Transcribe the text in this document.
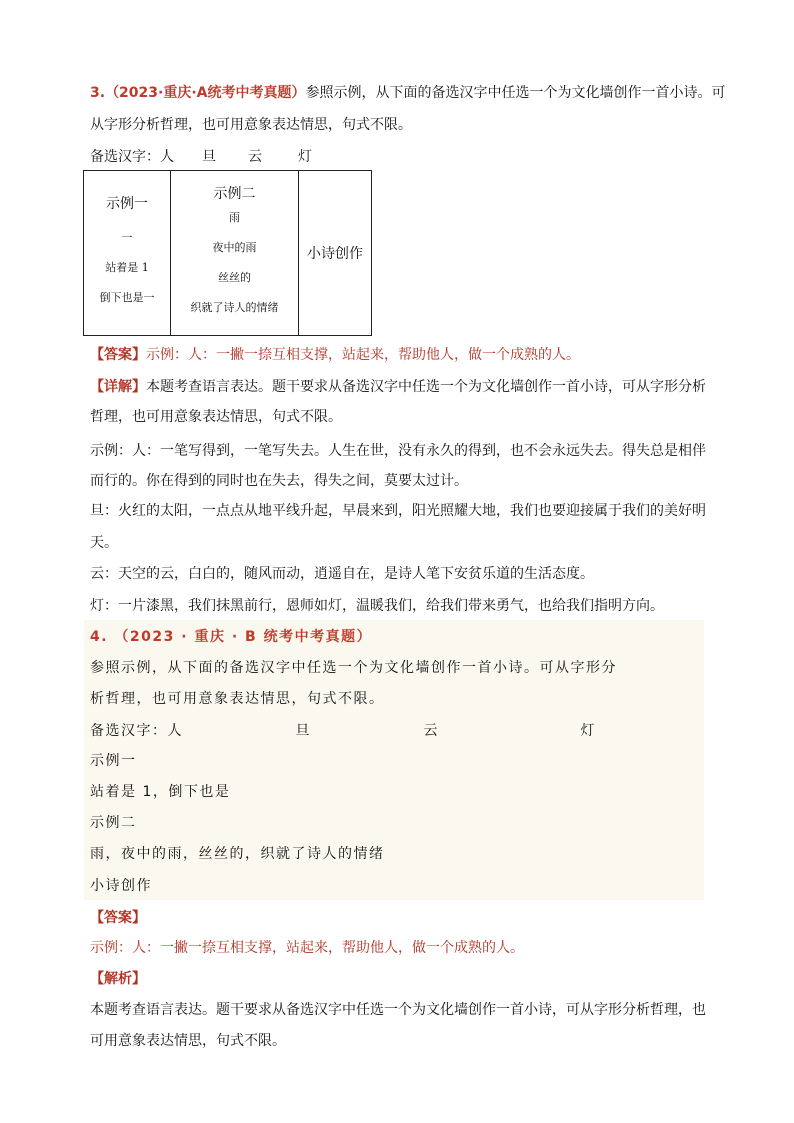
3.（2023·重庆·A统考中考真题）参照示例，从下面的备选汉字中任选一个为文化墙创作一首小诗。可
从字形分析哲理，也可用意象表达情思，句式不限。
备选汉字：人 旦 云	灯
示例一
一
站着是 1
倒下也是一

示例二
雨
夜中的雨
丝丝的
织就了诗人的情绪
	小诗创作
【答案】示例：人：一撇一捺互相支撑，站起来，帮助他人，做一个成熟的人。
【详解】本题考查语言表达。题干要求从备选汉字中任选一个为文化墙创作一首小诗，可从字形分析
哲理，也可用意象表达情思，句式不限。
示例：人：一笔写得到，一笔写失去。人生在世，没有永久的得到，也不会永远失去。得失总是相伴
而行的。你在得到的同时也在失去，得失之间，莫要太过计。
旦：火红的太阳，一点点从地平线升起，早晨来到，阳光照耀大地，我们也要迎接属于我们的美好明
天。
云：天空的云，白白的，随风而动，逍遥自在，是诗人笔下安贫乐道的生活态度。
灯：一片漆黑，我们抹黑前行，恩师如灯，温暖我们，给我们带来勇气，也给我们指明方向。
4. （2023 · 重庆 · B 统考中考真题）
参照示例，从下面的备选汉字中任选一个为文化墙创作一首小诗。可从字形分
析哲理，也可用意象表达情思，句式不限。
备选汉字：人	旦	云	灯
示例一
站着是 1，倒下也是
示例二
雨，夜中的雨，丝丝的，织就了诗人的情绪
小诗创作
【答案】
示例：人：一撇一捺互相支撑，站起来，帮助他人，做一个成熟的人。
【解析】
本题考查语言表达。题干要求从备选汉字中任选一个为文化墙创作一首小诗，可从字形分析哲理，也
可用意象表达情思，句式不限。
